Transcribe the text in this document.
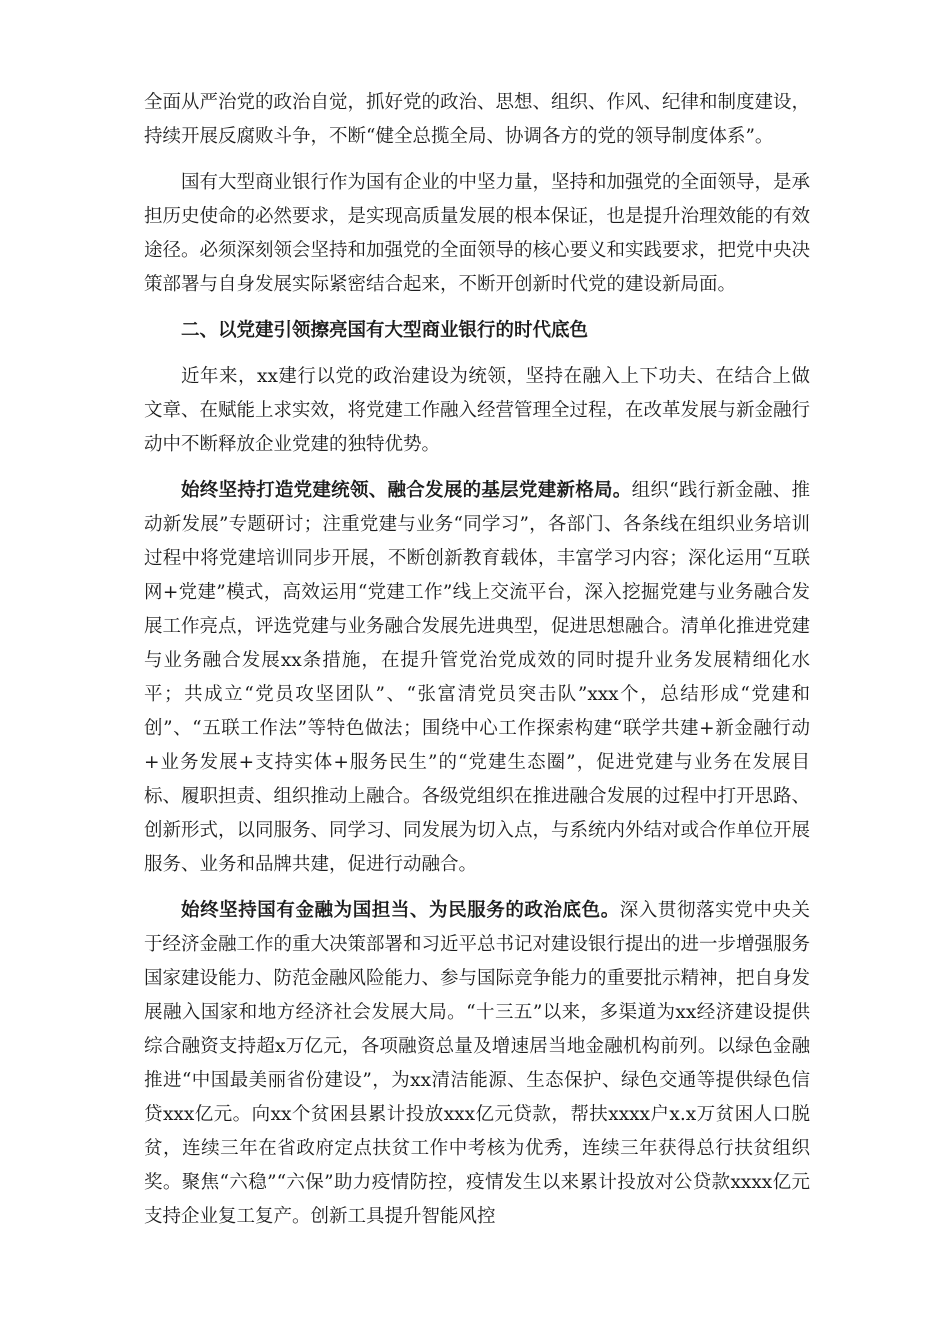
全面从严治党的政治自觉，抓好党的政治、思想、组织、作风、纪律和制度建设，持续开展反腐败斗争，不断“健全总揽全局、协调各方的党的领导制度体系”。

国有大型商业银行作为国有企业的中坚力量，坚持和加强党的全面领导，是承担历史使命的必然要求，是实现高质量发展的根本保证，也是提升治理效能的有效途径。必须深刻领会坚持和加强党的全面领导的核心要义和实践要求，把党中央决策部署与自身发展实际紧密结合起来，不断开创新时代党的建设新局面。

二、以党建引领擦亮国有大型商业银行的时代底色

近年来，xx建行以党的政治建设为统领，坚持在融入上下功夫、在结合上做文章、在赋能上求实效，将党建工作融入经营管理全过程，在改革发展与新金融行动中不断释放企业党建的独特优势。

始终坚持打造党建统领、融合发展的基层党建新格局。组织“践行新金融、推动新发展”专题研讨；注重党建与业务“同学习”，各部门、各条线在组织业务培训过程中将党建培训同步开展，不断创新教育载体，丰富学习内容；深化运用“互联网+党建”模式，高效运用“党建工作”线上交流平台，深入挖掘党建与业务融合发展工作亮点，评选党建与业务融合发展先进典型，促进思想融合。清单化推进党建与业务融合发展xx条措施，在提升管党治党成效的同时提升业务发展精细化水平；共成立“党员攻坚团队”、“张富清党员突击队”xxx个，总结形成“党建和创”、“五联工作法”等特色做法；围绕中心工作探索构建“联学共建+新金融行动+业务发展+支持实体+服务民生”的“党建生态圈”，促进党建与业务在发展目标、履职担责、组织推动上融合。各级党组织在推进融合发展的过程中打开思路、创新形式，以同服务、同学习、同发展为切入点，与系统内外结对或合作单位开展服务、业务和品牌共建，促进行动融合。

始终坚持国有金融为国担当、为民服务的政治底色。深入贯彻落实党中央关于经济金融工作的重大决策部署和习近平总书记对建设银行提出的进一步增强服务国家建设能力、防范金融风险能力、参与国际竞争能力的重要批示精神，把自身发展融入国家和地方经济社会发展大局。“十三五”以来，多渠道为xx经济建设提供综合融资支持超x万亿元，各项融资总量及增速居当地金融机构前列。以绿色金融推进“中国最美丽省份建设”，为xx清洁能源、生态保护、绿色交通等提供绿色信贷xxx亿元。向xx个贫困县累计投放xxx亿元贷款，帮扶xxxx户x.x万贫困人口脱贫，连续三年在省政府定点扶贫工作中考核为优秀，连续三年获得总行扶贫组织奖。聚焦“六稳”“六保”助力疫情防控，疫情发生以来累计投放对公贷款xxxx亿元支持企业复工复产。创新工具提升智能风控
